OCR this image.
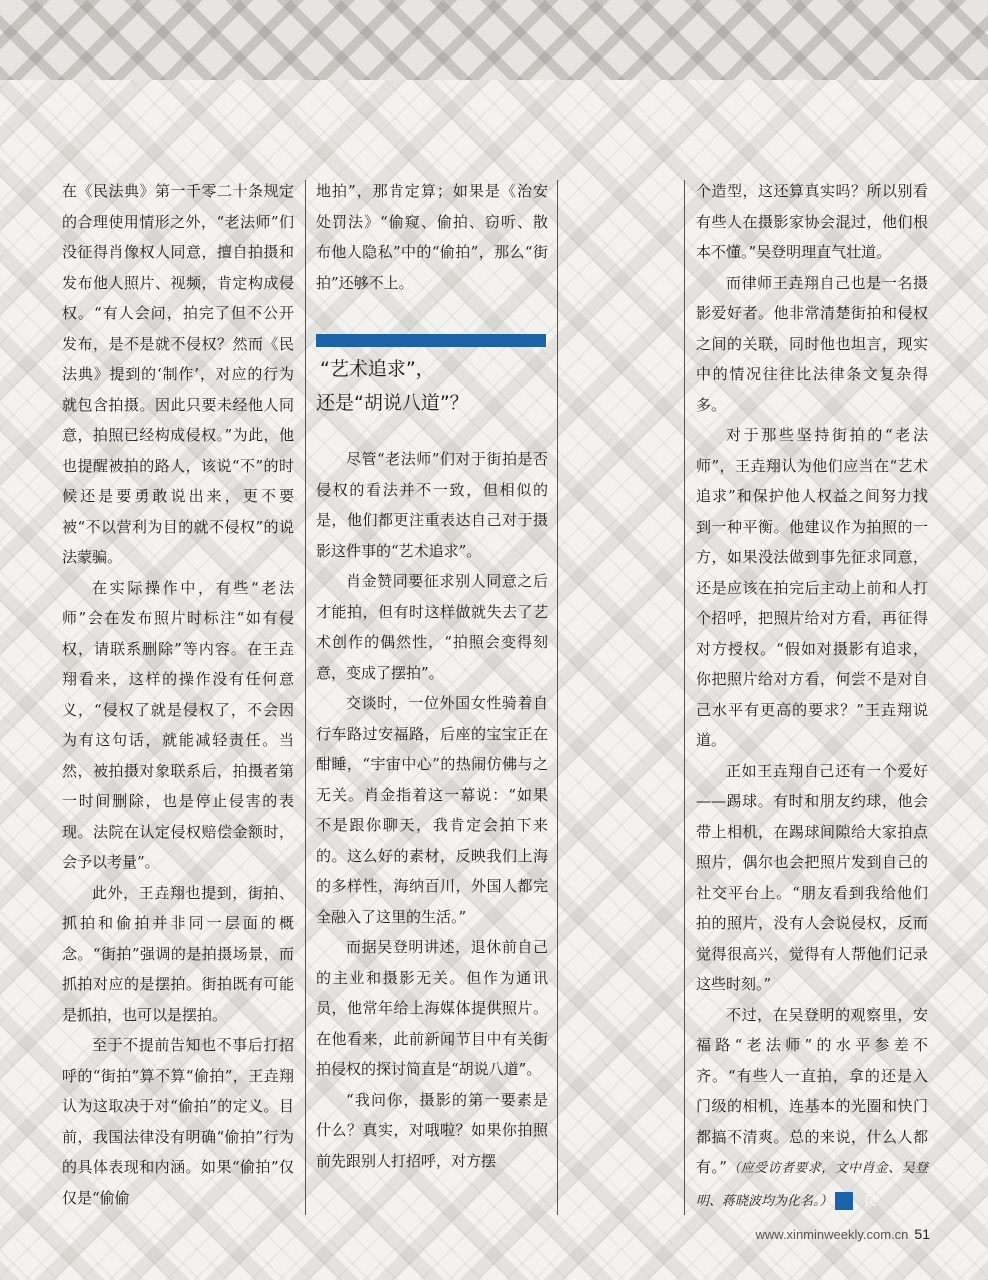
在《民法典》第一千零二十条规定的合理使用情形之外，“老法师”们没征得肖像权人同意，擅自拍摄和发布他人照片、视频，肯定构成侵权。“有人会问，拍完了但不公开发布，是不是就不侵权？然而《民法典》提到的‘制作’，对应的行为就包含拍摄。因此只要未经他人同意，拍照已经构成侵权。”为此，他也提醒被拍的路人，该说“不”的时候还是要勇敢说出来，更不要被“不以营利为目的就不侵权”的说法蒙骗。

在实际操作中，有些“老法师”会在发布照片时标注“如有侵权，请联系删除”等内容。在王垚翔看来，这样的操作没有任何意义，“侵权了就是侵权了，不会因为有这句话，就能减轻责任。当然，被拍摄对象联系后，拍摄者第一时间删除，也是停止侵害的表现。法院在认定侵权赔偿金额时，会予以考量”。

此外，王垚翔也提到，街拍、抓拍和偷拍并非同一层面的概念。“街拍”强调的是拍摄场景，而抓拍对应的是摆拍。街拍既有可能是抓拍，也可以是摆拍。

至于不提前告知也不事后打招呼的“街拍”算不算“偷拍”，王垚翔认为这取决于对“偷拍”的定义。目前，我国法律没有明确“偷拍”行为的具体表现和内涵。如果“偷拍”仅仅是“偷偷

地拍”，那肯定算；如果是《治安处罚法》“偷窥、偷拍、窃听、散布他人隐私”中的“偷拍”，那么“街拍”还够不上。

“艺术追求”，
还是“胡说八道”？

尽管“老法师”们对于街拍是否侵权的看法并不一致，但相似的是，他们都更注重表达自己对于摄影这件事的“艺术追求”。

肖金赞同要征求别人同意之后才能拍，但有时这样做就失去了艺术创作的偶然性，“拍照会变得刻意，变成了摆拍”。

交谈时，一位外国女性骑着自行车路过安福路，后座的宝宝正在酣睡，“宇宙中心”的热闹仿佛与之无关。肖金指着这一幕说：“如果不是跟你聊天，我肯定会拍下来的。这么好的素材，反映我们上海的多样性，海纳百川，外国人都完全融入了这里的生活。”

而据吴登明讲述，退休前自己的主业和摄影无关。但作为通讯员，他常年给上海媒体提供照片。在他看来，此前新闻节目中有关街拍侵权的探讨简直是“胡说八道”。

“我问你，摄影的第一要素是什么？真实，对哦啦？如果你拍照前先跟别人打招呼，对方摆

个造型，这还算真实吗？所以别看有些人在摄影家协会混过，他们根本不懂。”吴登明理直气壮道。

而律师王垚翔自己也是一名摄影爱好者。他非常清楚街拍和侵权之间的关联，同时他也坦言，现实中的情况往往比法律条文复杂得多。

对于那些坚持街拍的“老法师”，王垚翔认为他们应当在“艺术追求”和保护他人权益之间努力找到一种平衡。他建议作为拍照的一方，如果没法做到事先征求同意，还是应该在拍完后主动上前和人打个招呼，把照片给对方看，再征得对方授权。“假如对摄影有追求，你把照片给对方看，何尝不是对自己水平有更高的要求？”王垚翔说道。

正如王垚翔自己还有一个爱好——踢球。有时和朋友约球，他会带上相机，在踢球间隙给大家拍点照片，偶尔也会把照片发到自己的社交平台上。“朋友看到我给他们拍的照片，没有人会说侵权，反而觉得很高兴，觉得有人帮他们记录这些时刻。”

不过，在吴登明的观察里，安福路“老法师”的水平参差不齐。“有些人一直拍，拿的还是入门级的相机，连基本的光圈和快门都搞不清爽。总的来说，什么人都有。”（应受访者要求，文中肖金、吴登明、蒋晓波均为化名。）	民

www.xinminweekly.com.cn 51
